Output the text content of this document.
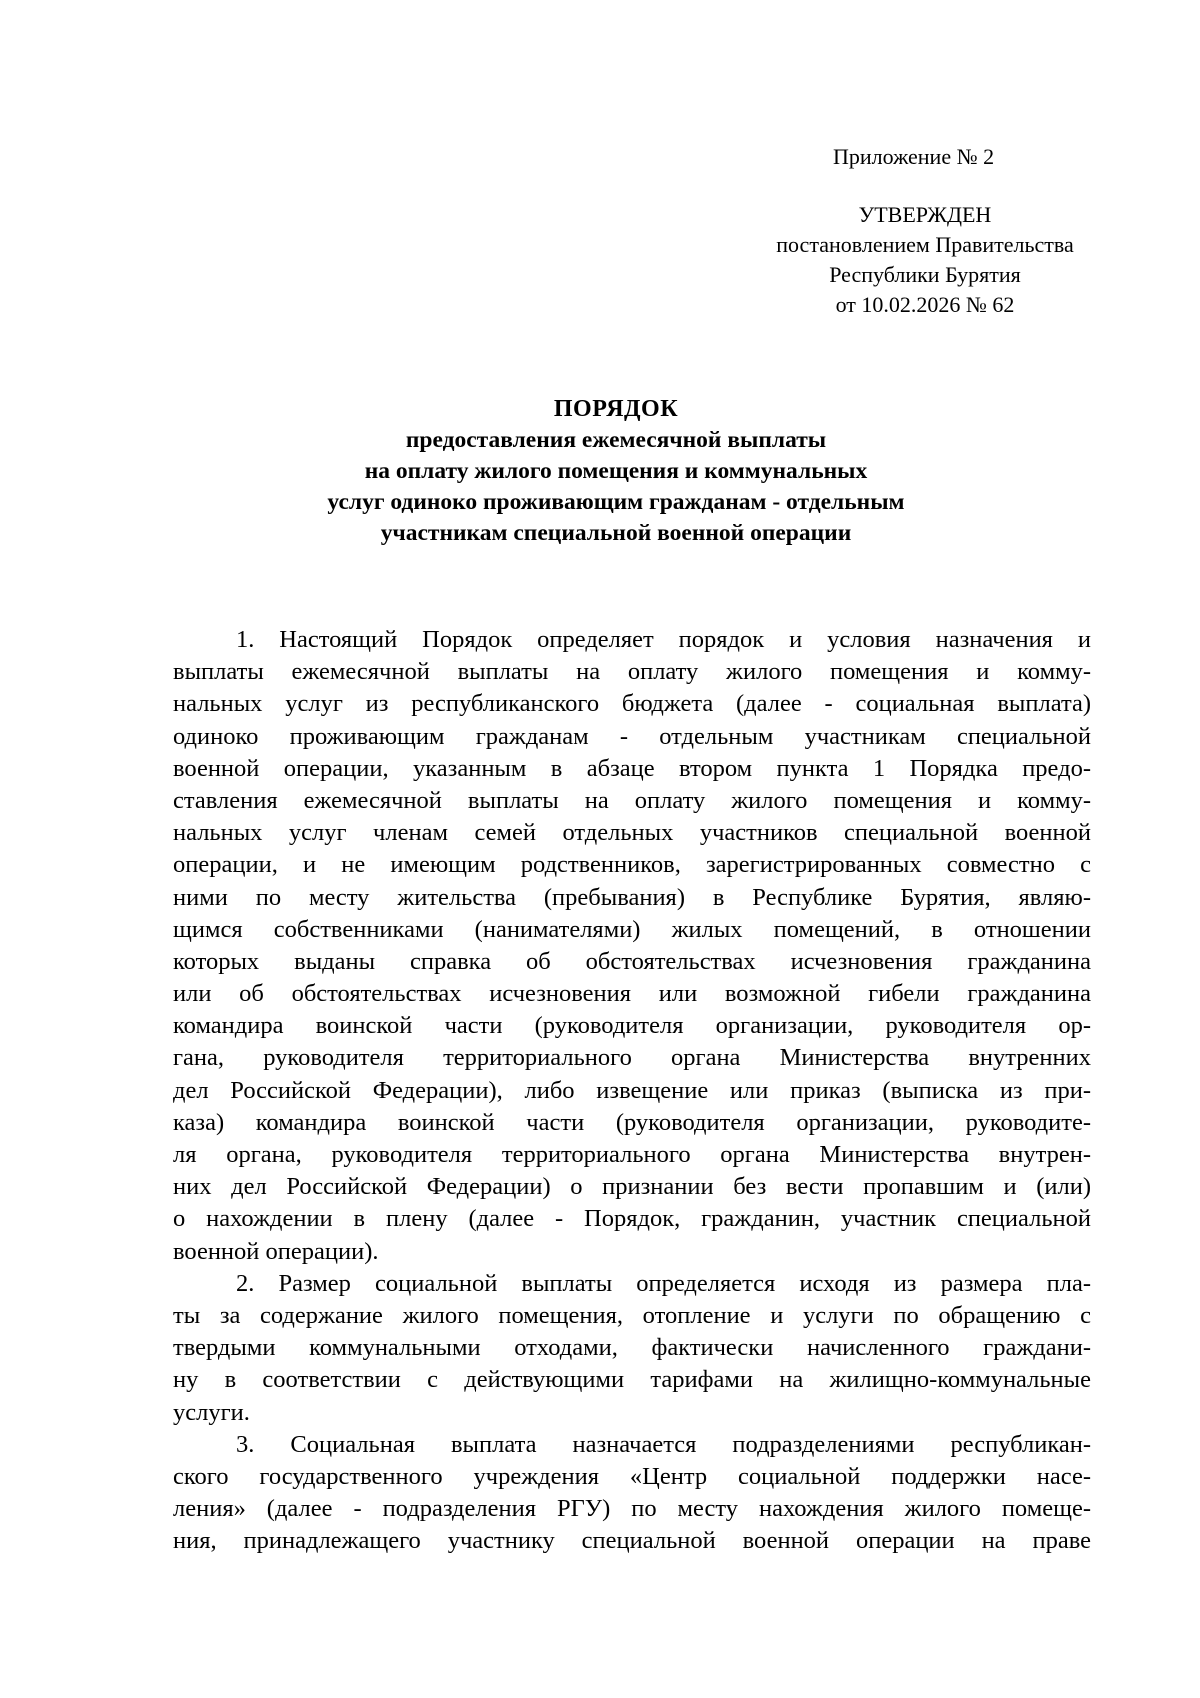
Приложение № 2
УТВЕРЖДЕН
постановлением Правительства
Республики Бурятия
от 10.02.2026 № 62
ПОРЯДОК
предоставления ежемесячной выплаты
на оплату жилого помещения и коммунальных
услуг одиноко проживающим гражданам - отдельным
участникам специальной военной операции
1. Настоящий Порядок определяет порядок и условия назначения и
выплаты ежемесячной выплаты на оплату жилого помещения и комму-
нальных услуг из республиканского бюджета (далее - социальная выплата)
одиноко проживающим гражданам - отдельным участникам специальной
военной операции, указанным в абзаце втором пункта 1 Порядка предо-
ставления ежемесячной выплаты на оплату жилого помещения и комму-
нальных услуг членам семей отдельных участников специальной военной
операции, и не имеющим родственников, зарегистрированных совместно с
ними по месту жительства (пребывания) в Республике Бурятия, являю-
щимся собственниками (нанимателями) жилых помещений, в отношении
которых выданы справка об обстоятельствах исчезновения гражданина
или об обстоятельствах исчезновения или возможной гибели гражданина
командира воинской части (руководителя организации, руководителя ор-
гана, руководителя территориального органа Министерства внутренних
дел Российской Федерации), либо извещение или приказ (выписка из при-
каза) командира воинской части (руководителя организации, руководите-
ля органа, руководителя территориального органа Министерства внутрен-
них дел Российской Федерации) о признании без вести пропавшим и (или)
о нахождении в плену (далее - Порядок, гражданин, участник специальной
военной операции).
2. Размер социальной выплаты определяется исходя из размера пла-
ты за содержание жилого помещения, отопление и услуги по обращению с
твердыми коммунальными отходами, фактически начисленного граждани-
ну в соответствии с действующими тарифами на жилищно-коммунальные
услуги.
3. Социальная выплата назначается подразделениями республикан-
ского государственного учреждения «Центр социальной поддержки насе-
ления» (далее - подразделения РГУ) по месту нахождения жилого помеще-
ния, принадлежащего участнику специальной военной операции на праве
